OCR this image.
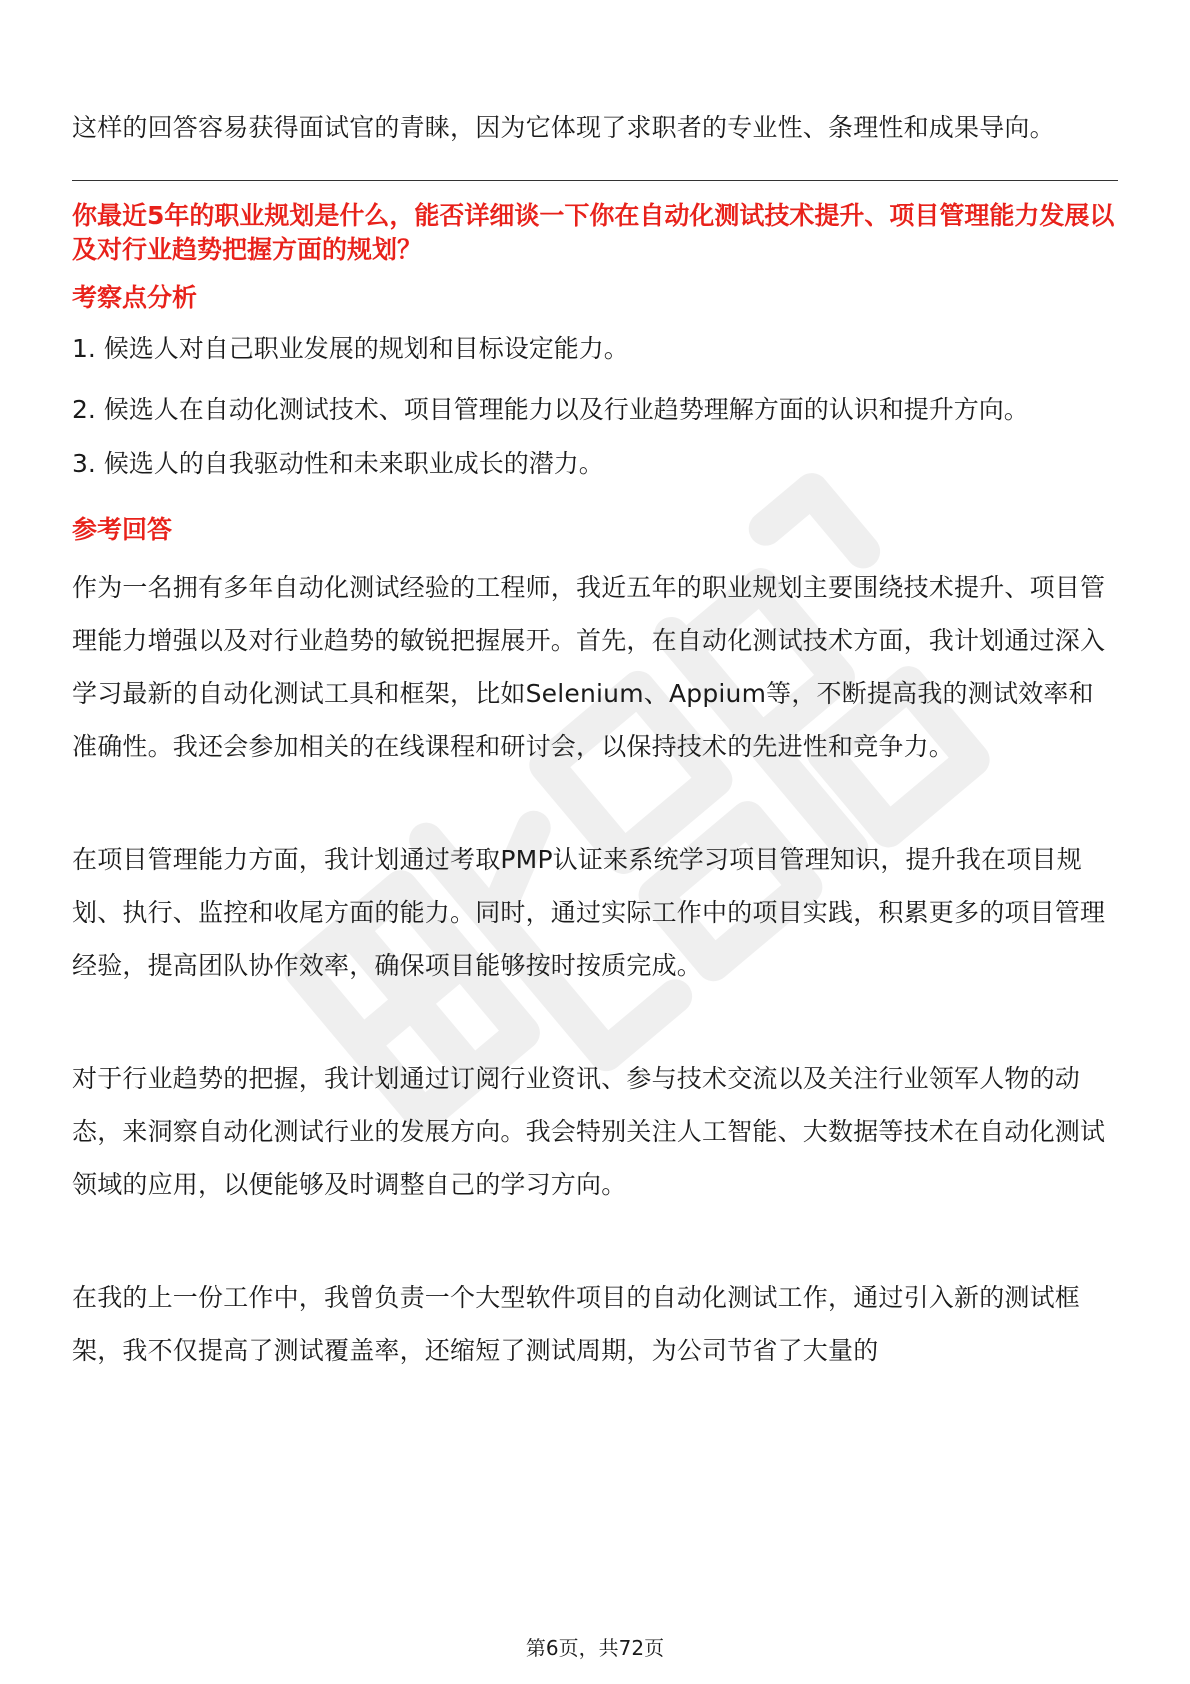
这样的回答容易获得面试官的青睐，因为它体现了求职者的专业性、条理性和成果导向。

你最近5年的职业规划是什么，能否详细谈一下你在自动化测试技术提升、项目管理能力发展以及对行业趋势把握方面的规划？

考察点分析

1. 候选人对自己职业发展的规划和目标设定能力。

2. 候选人在自动化测试技术、项目管理能力以及行业趋势理解方面的认识和提升方向。

3. 候选人的自我驱动性和未来职业成长的潜力。

参考回答

作为一名拥有多年自动化测试经验的工程师，我近五年的职业规划主要围绕技术提升、项目管理能力增强以及对行业趋势的敏锐把握展开。首先，在自动化测试技术方面，我计划通过深入学习最新的自动化测试工具和框架，比如Selenium、Appium等，不断提高我的测试效率和准确性。我还会参加相关的在线课程和研讨会，以保持技术的先进性和竞争力。

在项目管理能力方面，我计划通过考取PMP认证来系统学习项目管理知识，提升我在项目规划、执行、监控和收尾方面的能力。同时，通过实际工作中的项目实践，积累更多的项目管理经验，提高团队协作效率，确保项目能够按时按质完成。

对于行业趋势的把握，我计划通过订阅行业资讯、参与技术交流以及关注行业领军人物的动态，来洞察自动化测试行业的发展方向。我会特别关注人工智能、大数据等技术在自动化测试领域的应用，以便能够及时调整自己的学习方向。

在我的上一份工作中，我曾负责一个大型软件项目的自动化测试工作，通过引入新的测试框架，我不仅提高了测试覆盖率，还缩短了测试周期，为公司节省了大量的

第6页，共72页
